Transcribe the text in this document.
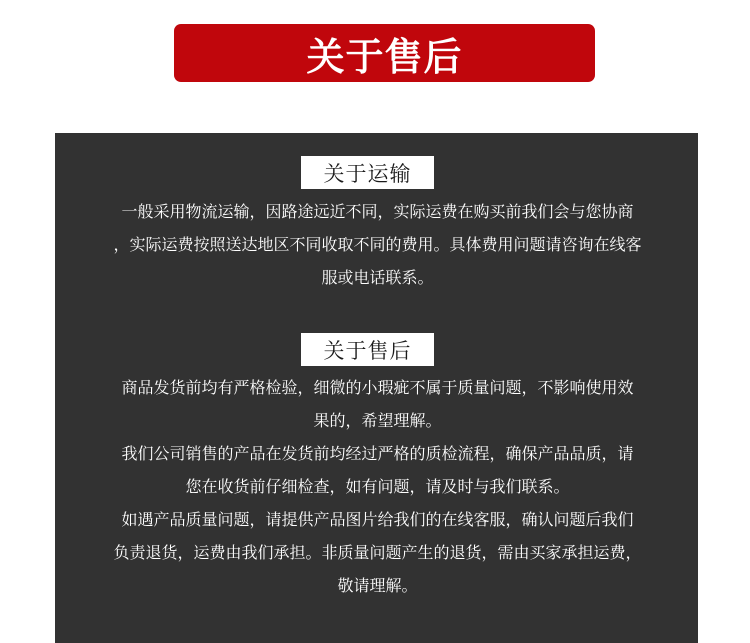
关于售后
关于运输
一般采用物流运输，因路途远近不同，实际运费在购买前我们会与您协商
，实际运费按照送达地区不同收取不同的费用。具体费用问题请咨询在线客
服或电话联系。
关于售后
商品发货前均有严格检验，细微的小瑕疵不属于质量问题，不影响使用效
果的，希望理解。
我们公司销售的产品在发货前均经过严格的质检流程，确保产品品质，请
您在收货前仔细检查，如有问题，请及时与我们联系。
如遇产品质量问题，请提供产品图片给我们的在线客服，确认问题后我们
负责退货，运费由我们承担。非质量问题产生的退货，需由买家承担运费，
敬请理解。
